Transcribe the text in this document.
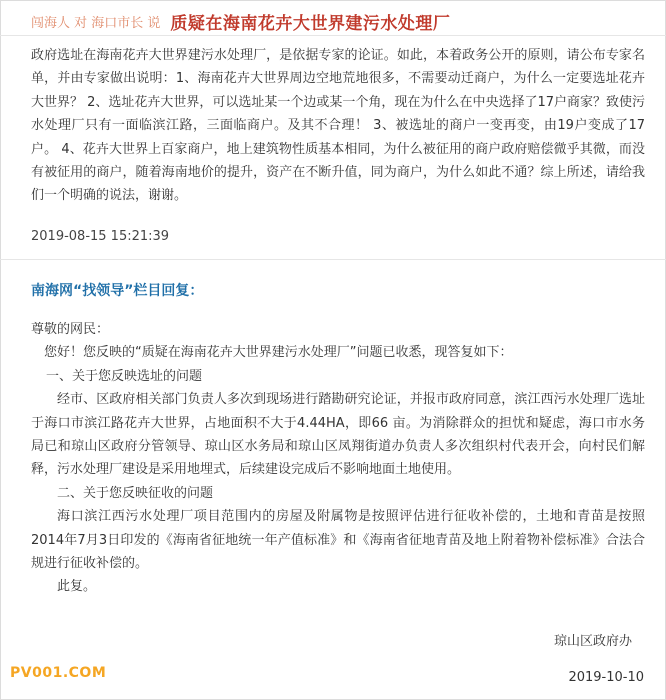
闯海人 对 海口市长 说 质疑在海南花卉大世界建污水处理厂
政府选址在海南花卉大世界建污水处理厂，是依据专家的论证。如此，本着政务公开的原则，请公布专家名单，并由专家做出说明：1、海南花卉大世界周边空地荒地很多，不需要动迁商户，为什么一定要选址花卉大世界？ 2、选址花卉大世界，可以选址某一个边或某一个角，现在为什么在中央选择了17户商家？致使污水处理厂只有一面临滨江路，三面临商户。及其不合理！ 3、被选址的商户一变再变，由19户变成了17户。 4、花卉大世界上百家商户，地上建筑物性质基本相同，为什么被征用的商户政府赔偿微乎其微，而没有被征用的商户，随着海南地价的提升，资产在不断升值，同为商户，为什么如此不通？综上所述，请给我们一个明确的说法，谢谢。
2019-08-15 15:21:39
南海网“找领导”栏目回复：

尊敬的网民：

您好！您反映的“质疑在海南花卉大世界建污水处理厂”问题已收悉，现答复如下：

一、关于您反映选址的问题

经市、区政府相关部门负责人多次到现场进行踏勘研究论证，并报市政府同意，滨江西污水处理厂选址于海口市滨江路花卉大世界，占地面积不大于4.44HA，即66 亩。为消除群众的担忧和疑虑，海口市水务局已和琼山区政府分管领导、琼山区水务局和琼山区凤翔街道办负责人多次组织村代表开会，向村民们解释，污水处理厂建设是采用地埋式，后续建设完成后不影响地面土地使用。

二、关于您反映征收的问题

海口滨江西污水处理厂项目范围内的房屋及附属物是按照评估进行征收补偿的，土地和青苗是按照2014年7月3日印发的《海南省征地统一年产值标准》和《海南省征地青苗及地上附着物补偿标准》合法合规进行征收补偿的。

此复。

琼山区政府办
PV001.COM	2019-10-10
